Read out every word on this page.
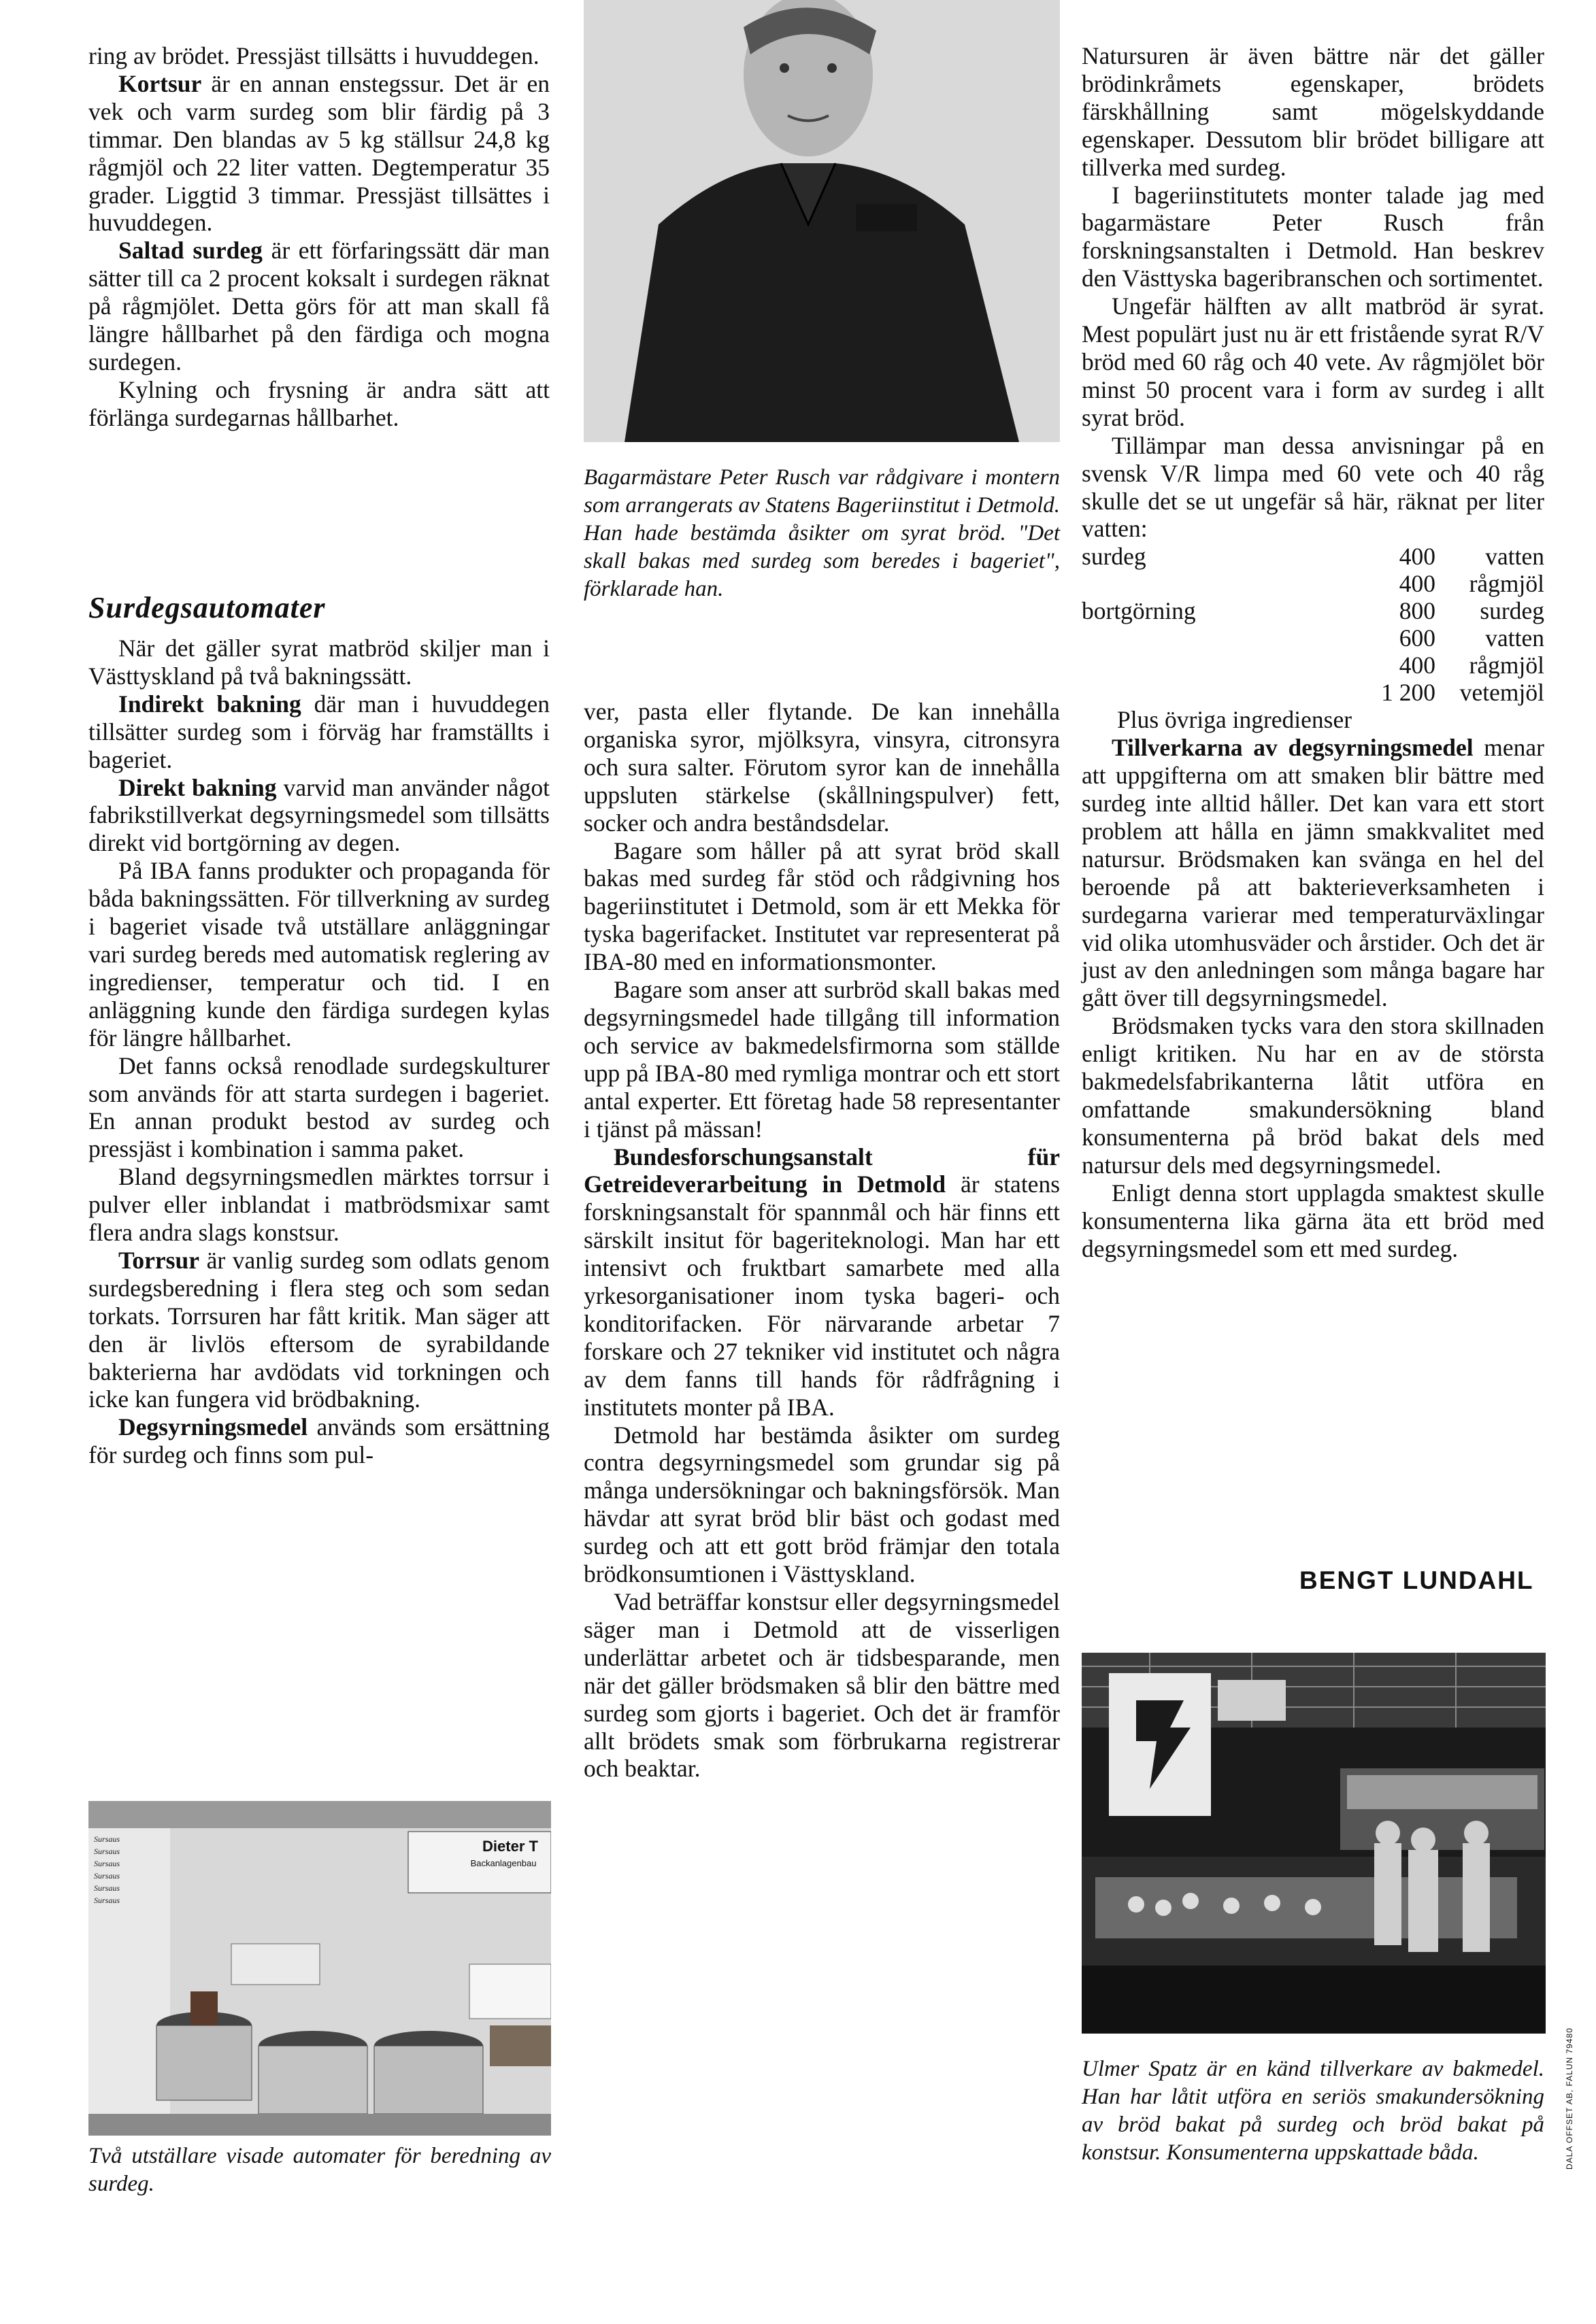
ring av brödet. Pressjäst tillsätts i huvuddegen.

Kortsur är en annan enstegssur. Det är en vek och varm surdeg som blir färdig på 3 timmar. Den blandas av 5 kg ställsur 24,8 kg rågmjöl och 22 liter vatten. Degtemperatur 35 grader. Liggtid 3 timmar. Pressjäst tillsättes i huvuddegen.

Saltad surdeg är ett förfaringssätt där man sätter till ca 2 procent koksalt i surdegen räknat på rågmjölet. Detta görs för att man skall få längre hållbarhet på den färdiga och mogna surdegen.

Kylning och frysning är andra sätt att förlänga surdegarnas hållbarhet.

Surdegsautomater

När det gäller syrat matbröd skiljer man i Västtyskland på två bakningssätt.

Indirekt bakning där man i huvuddegen tillsätter surdeg som i förväg har framställts i bageriet.

Direkt bakning varvid man använder något fabrikstillverkat degsyrningsmedel som tillsätts direkt vid bortgörning av degen.

På IBA fanns produkter och propaganda för båda bakningssätten. För tillverkning av surdeg i bageriet visade två utställare anläggningar vari surdeg bereds med automatisk reglering av ingredienser, temperatur och tid. I en anläggning kunde den färdiga surdegen kylas för längre hållbarhet.

Det fanns också renodlade surdegskulturer som används för att starta surdegen i bageriet. En annan produkt bestod av surdeg och pressjäst i kombination i samma paket.

Bland degsyrningsmedlen märktes torrsur i pulver eller inblandat i matbrödsmixar samt flera andra slags konstsur.

Torrsur är vanlig surdeg som odlats genom surdegsberedning i flera steg och som sedan torkats. Torrsuren har fått kritik. Man säger att den är livlös eftersom de syrabildande bakterierna har avdödats vid torkningen och icke kan fungera vid brödbakning.

Degsyrningsmedel används som ersättning för surdeg och finns som pul-

Sursaus
Sursaus
Sursaus
Sursaus
Sursaus
Sursaus
Dieter T
Backanlagenbau
Två utställare visade automater för beredning av surdeg.
Bagarmästare Peter Rusch var rådgivare i montern som arrangerats av Statens Bageriinstitut i Detmold. Han hade bestämda åsikter om syrat bröd. "Det skall bakas med surdeg som beredes i bageriet", förklarade han.

ver, pasta eller flytande. De kan innehålla organiska syror, mjölksyra, vinsyra, citronsyra och sura salter. Förutom syror kan de innehålla uppsluten stärkelse (skållningspulver) fett, socker och andra beståndsdelar.

Bagare som håller på att syrat bröd skall bakas med surdeg får stöd och rådgivning hos bageriinstitutet i Detmold, som är ett Mekka för tyska bagerifacket. Institutet var representerat på IBA-80 med en informationsmonter.

Bagare som anser att surbröd skall bakas med degsyrningsmedel hade tillgång till information och service av bakmedelsfirmorna som ställde upp på IBA-80 med rymliga montrar och ett stort antal experter. Ett företag hade 58 representanter i tjänst på mässan!

Bundesforschungsanstalt für Getreideverarbeitung in Detmold är statens forskningsanstalt för spannmål och här finns ett särskilt insitut för bageriteknologi. Man har ett intensivt och fruktbart samarbete med alla yrkesorganisationer inom tyska bageri- och konditorifacken. För närvarande arbetar 7 forskare och 27 tekniker vid institutet och några av dem fanns till hands för rådfrågning i institutets monter på IBA.

Detmold har bestämda åsikter om surdeg contra degsyrningsmedel som grundar sig på många undersökningar och bakningsförsök. Man hävdar att syrat bröd blir bäst och godast med surdeg och att ett gott bröd främjar den totala brödkonsumtionen i Västtyskland.

Vad beträffar konstsur eller degsyrningsmedel säger man i Detmold att de visserligen underlättar arbetet och är tidsbesparande, men när det gäller brödsmaken så blir den bättre med surdeg som gjorts i bageriet. Och det är framför allt brödets smak som förbrukarna registrerar och beaktar.

Natursuren är även bättre när det gäller brödinkråmets egenskaper, brödets färskhållning samt mögelskyddande egenskaper. Dessutom blir brödet billigare att tillverka med surdeg.

I bageriinstitutets monter talade jag med bagarmästare Peter Rusch från forskningsanstalten i Detmold. Han beskrev den Västtyska bageribranschen och sortimentet.

Ungefär hälften av allt matbröd är syrat. Mest populärt just nu är ett fristående syrat R/V bröd med 60 råg och 40 vete. Av rågmjölet bör minst 50 procent vara i form av surdeg i allt syrat bröd.

Tillämpar man dessa anvisningar på en svensk V/R limpa med 60 vete och 40 råg skulle det se ut ungefär så här, räknat per liter vatten:

surdeg	400	vatten
	400	rågmjöl
bortgörning	800	surdeg
	600	vatten
	400	rågmjöl
	1 200	vetemjöl

Plus övriga ingredienser

Tillverkarna av degsyrningsmedel menar att uppgifterna om att smaken blir bättre med surdeg inte alltid håller. Det kan vara ett stort problem att hålla en jämn smakkvalitet med natursur. Brödsmaken kan svänga en hel del beroende på att bakterieverksamheten i surdegarna varierar med temperaturväxlingar vid olika utomhusväder och årstider. Och det är just av den anledningen som många bagare har gått över till degsyrningsmedel.

Brödsmaken tycks vara den stora skillnaden enligt kritiken. Nu har en av de största bakmedelsfabrikanterna låtit utföra en omfattande smakundersökning bland konsumenterna på bröd bakat dels med natursur dels med degsyrningsmedel.

Enligt denna stort upplagda smaktest skulle konsumenterna lika gärna äta ett bröd med degsyrningsmedel som ett med surdeg.

BENGT LUNDAHL
Ulmer Spatz är en känd tillverkare av bakmedel. Han har låtit utföra en seriös smakundersökning av bröd bakat på surdeg och bröd bakat på konstsur. Konsumenterna uppskattade båda.	DALA OFFSET AB, FALUN 79480
